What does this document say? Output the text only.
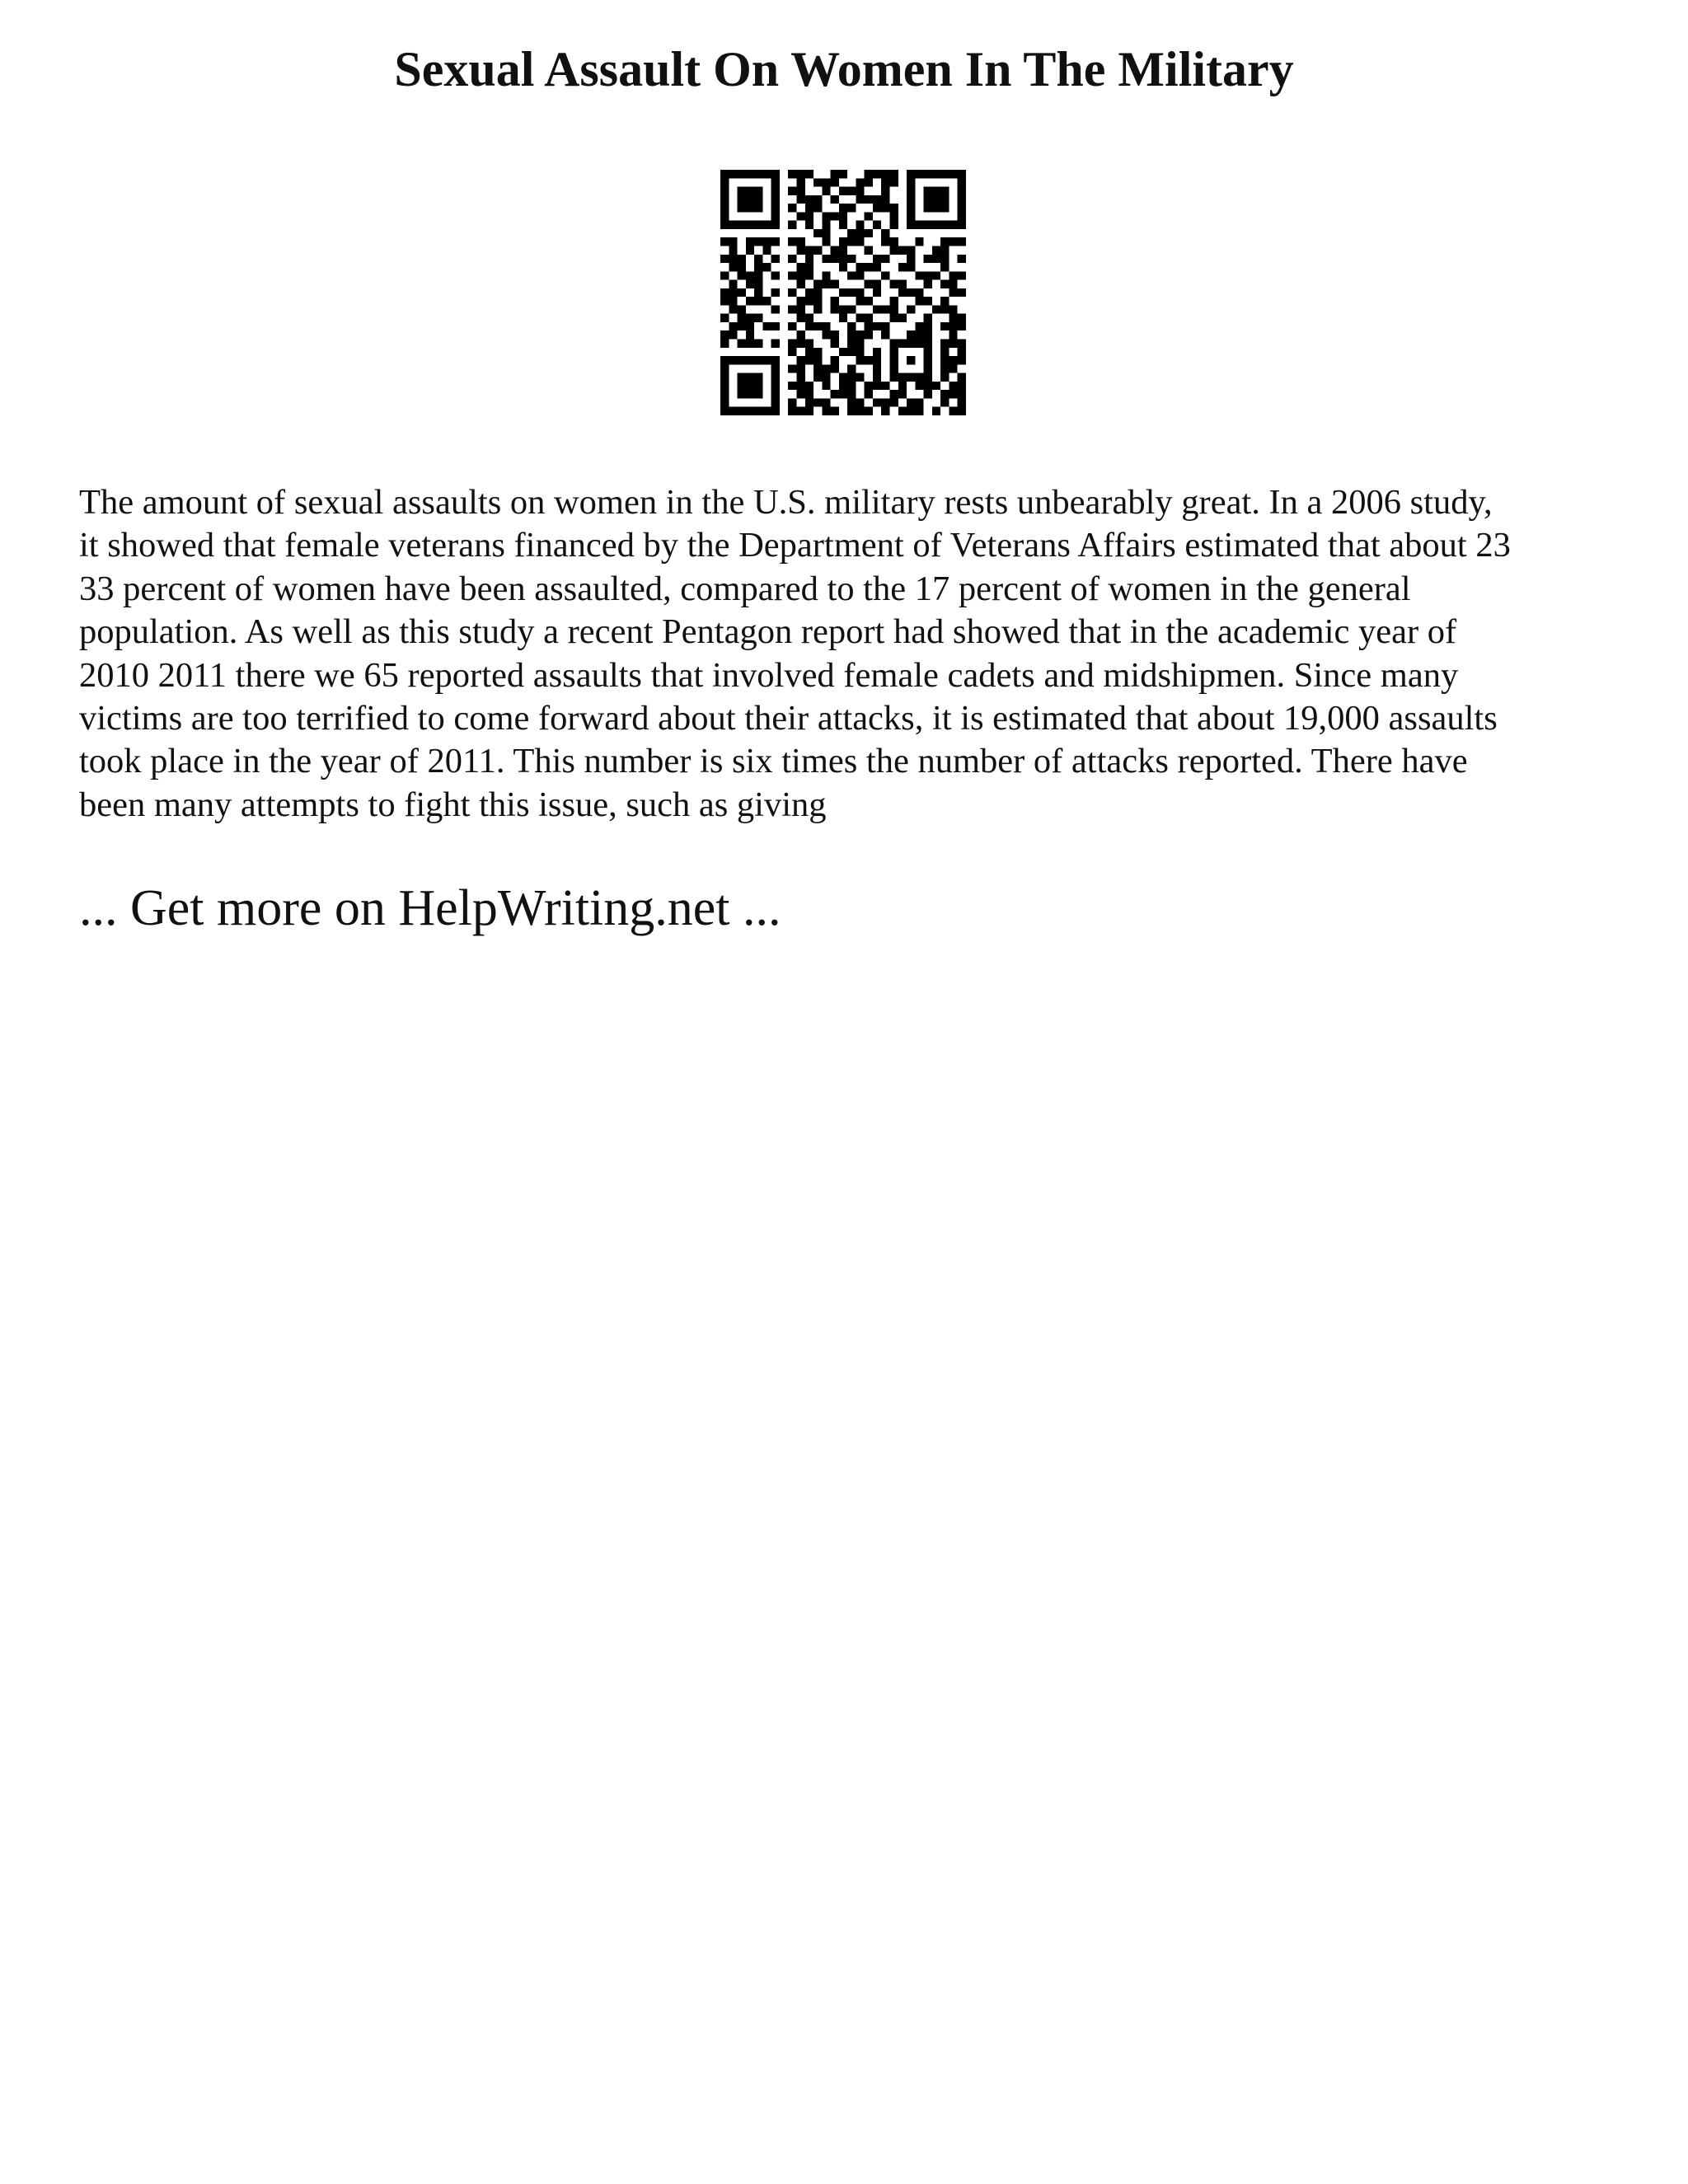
Sexual Assault On Women In The Military

The amount of sexual assaults on women in the U.S. military rests unbearably great. In a 2006 study,
it showed that female veterans financed by the Department of Veterans Affairs estimated that about 23
33 percent of women have been assaulted, compared to the 17 percent of women in the general
population. As well as this study a recent Pentagon report had showed that in the academic year of
2010 2011 there we 65 reported assaults that involved female cadets and midshipmen. Since many
victims are too terrified to come forward about their attacks, it is estimated that about 19,000 assaults
took place in the year of 2011. This number is six times the number of attacks reported. There have
been many attempts to fight this issue, such as giving

... Get more on HelpWriting.net ...
